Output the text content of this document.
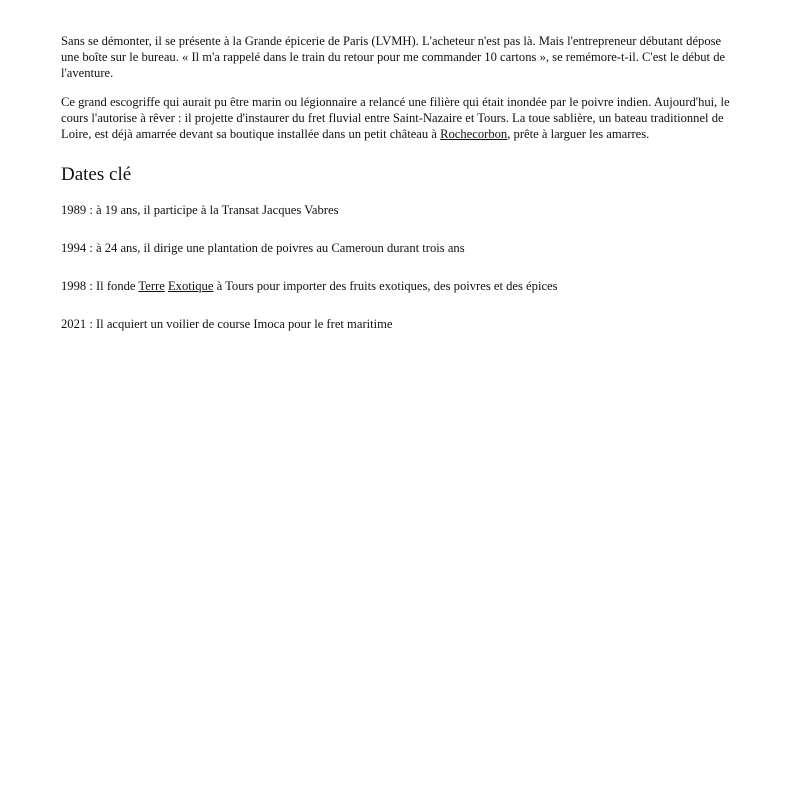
Sans se démonter, il se présente à la Grande épicerie de Paris (LVMH). L'acheteur n'est pas là. Mais l'entrepreneur débutant dépose une boîte sur le bureau. « Il m'a rappelé dans le train du retour pour me commander 10 cartons », se remémore-t-il. C'est le début de l'aventure.

Ce grand escogriffe qui aurait pu être marin ou légionnaire a relancé une filière qui était inondée par le poivre indien. Aujourd'hui, le cours l'autorise à rêver : il projette d'instaurer du fret fluvial entre Saint-Nazaire et Tours. La toue sablière, un bateau traditionnel de Loire, est déjà amarrée devant sa boutique installée dans un petit château à Rochecorbon, prête à larguer les amarres.

Dates clé

1989 : à 19 ans, il participe à la Transat Jacques Vabres

1994 : à 24 ans, il dirige une plantation de poivres au Cameroun durant trois ans

1998 : Il fonde Terre Exotique à Tours pour importer des fruits exotiques, des poivres et des épices

2021 : Il acquiert un voilier de course Imoca pour le fret maritime
